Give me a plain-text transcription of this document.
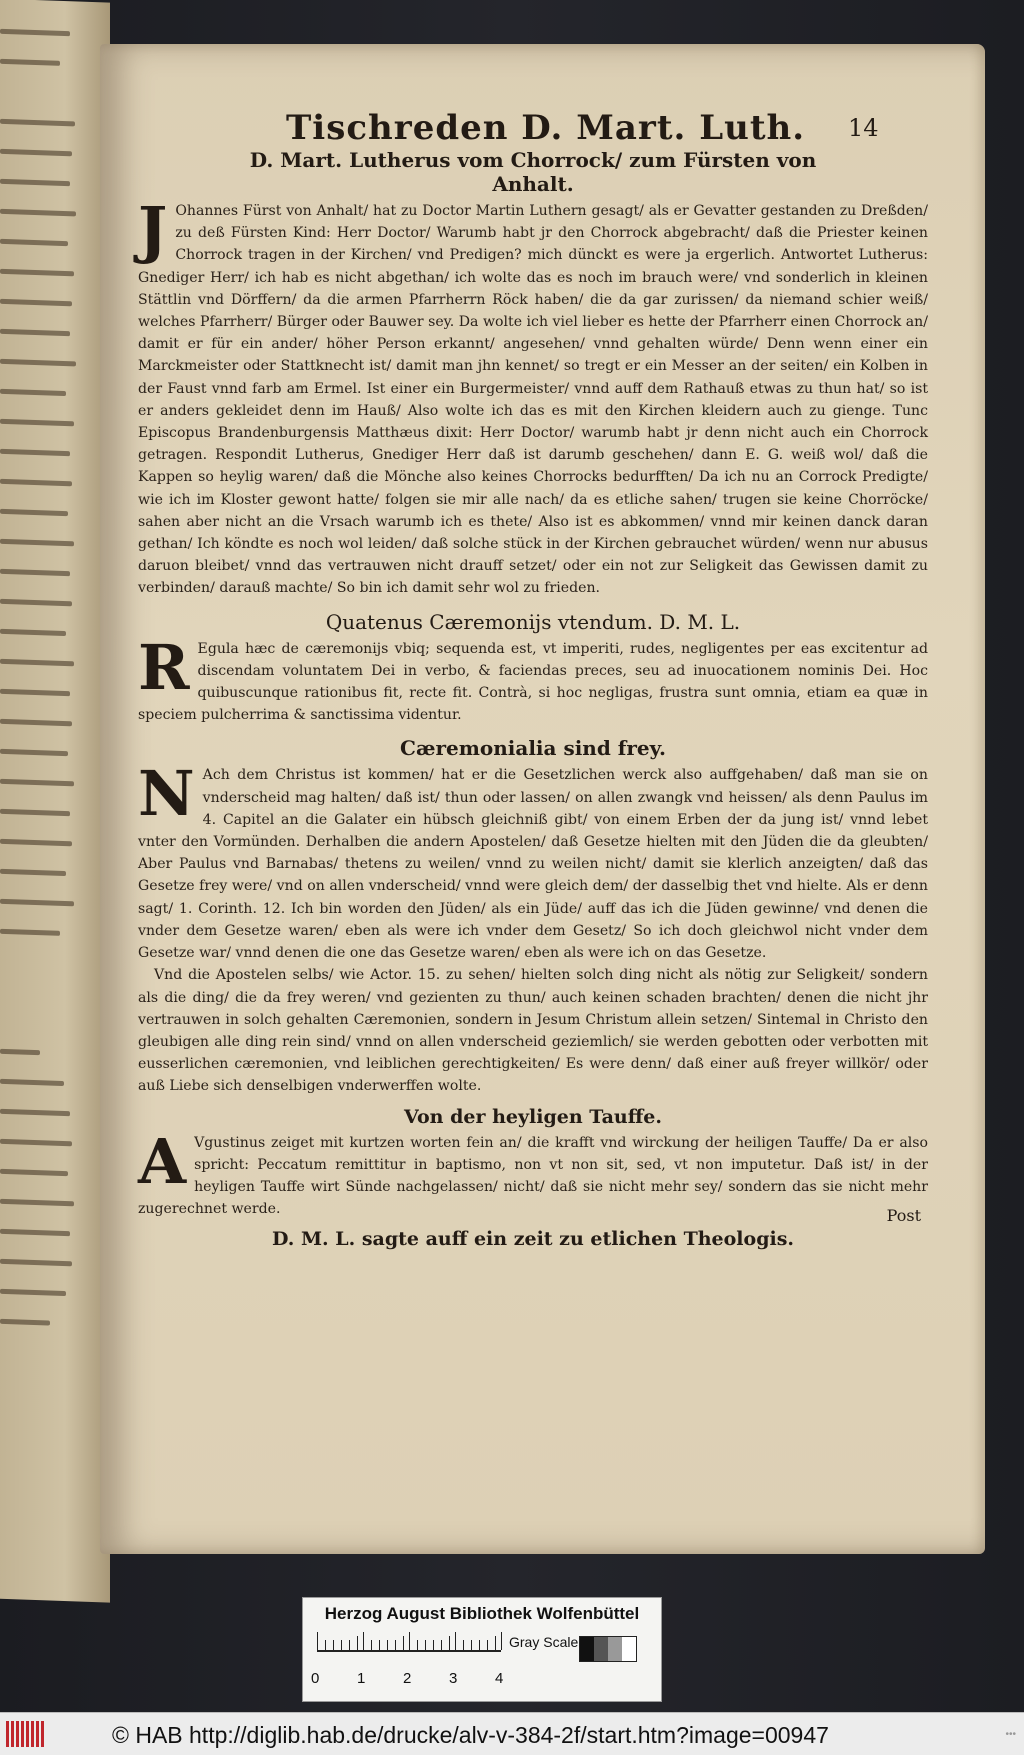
Tischreden D. Mart. Luth. 14
D. Mart. Lutherus vom Chorrock/ zum Fürsten von Anhalt.

J Ohannes Fürst von Anhalt/ hat zu Doctor Martin Luthern gesagt/ als er Gevatter gestanden zu Dreßden/ zu deß Fürsten Kind: Herr Doctor/ Warumb habt jr den Chorrock abgebracht/ daß die Priester keinen Chorrock tragen in der Kirchen/ vnd Predigen? mich dünckt es were ja ergerlich. Antwortet Lutherus: Gnediger Herr/ ich hab es nicht abgethan/ ich wolte das es noch im brauch were/ vnd sonderlich in kleinen Stättlin vnd Dörffern/ da die armen Pfarrherrn Röck haben/ die da gar zurissen/ da niemand schier weiß/ welches Pfarrherr/ Bürger oder Bauwer sey. Da wolte ich viel lieber es hette der Pfarrherr einen Chorrock an/ damit er für ein ander/ höher Person erkannt/ angesehen/ vnnd gehalten würde/ Denn wenn einer ein Marckmeister oder Stattknecht ist/ damit man jhn kennet/ so tregt er ein Messer an der seiten/ ein Kolben in der Faust vnnd farb am Ermel. Ist einer ein Burgermeister/ vnnd auff dem Rathauß etwas zu thun hat/ so ist er anders gekleidet denn im Hauß/ Also wolte ich das es mit den Kirchen kleidern auch zu gienge. Tunc Episcopus Brandenburgensis Matthæus dixit: Herr Doctor/ warumb habt jr denn nicht auch ein Chorrock getragen. Respondit Lutherus, Gnediger Herr daß ist darumb geschehen/ dann E. G. weiß wol/ daß die Kappen so heylig waren/ daß die Mönche also keines Chorrocks bedurfften/ Da ich nu an Corrock Predigte/ wie ich im Kloster gewont hatte/ folgen sie mir alle nach/ da es etliche sahen/ trugen sie keine Chorröcke/ sahen aber nicht an die Vrsach warumb ich es thete/ Also ist es abkommen/ vnnd mir keinen danck daran gethan/ Ich köndte es noch wol leiden/ daß solche stück in der Kirchen gebrauchet würden/ wenn nur abusus daruon bleibet/ vnnd das vertrauwen nicht drauff setzet/ oder ein not zur Seligkeit das Gewissen damit zu verbinden/ darauß machte/ So bin ich damit sehr wol zu frieden.

Quatenus Cæremonijs vtendum. D. M. L.

R Egula hæc de cæremonijs vbiq; sequenda est, vt imperiti, rudes, negligentes per eas excitentur ad discendam voluntatem Dei in verbo, & faciendas preces, seu ad inuocationem nominis Dei. Hoc quibuscunque rationibus fit, recte fit. Contrà, si hoc negligas, frustra sunt omnia, etiam ea quæ in speciem pulcherrima & sanctissima videntur.

Cæremonialia sind frey.

N Ach dem Christus ist kommen/ hat er die Gesetzlichen werck also auffgehaben/ daß man sie on vnderscheid mag halten/ daß ist/ thun oder lassen/ on allen zwangk vnd heissen/ als denn Paulus im 4. Capitel an die Galater ein hübsch gleichniß gibt/ von einem Erben der da jung ist/ vnnd lebet vnter den Vormünden. Derhalben die andern Apostelen/ daß Gesetze hielten mit den Jüden die da gleubten/ Aber Paulus vnd Barnabas/ thetens zu weilen/ vnnd zu weilen nicht/ damit sie klerlich anzeigten/ daß das Gesetze frey were/ vnd on allen vnderscheid/ vnnd were gleich dem/ der dasselbig thet vnd hielte. Als er denn sagt/ 1. Corinth. 12. Ich bin worden den Jüden/ als ein Jüde/ auff das ich die Jüden gewinne/ vnd denen die vnder dem Gesetze waren/ eben als were ich vnder dem Gesetz/ So ich doch gleichwol nicht vnder dem Gesetze war/ vnnd denen die one das Gesetze waren/ eben als were ich on das Gesetze.

Vnd die Apostelen selbs/ wie Actor. 15. zu sehen/ hielten solch ding nicht als nötig zur Seligkeit/ sondern als die ding/ die da frey weren/ vnd gezienten zu thun/ auch keinen schaden brachten/ denen die nicht jhr vertrauwen in solch gehalten Cæremonien, sondern in Jesum Christum allein setzen/ Sintemal in Christo den gleubigen alle ding rein sind/ vnnd on allen vnderscheid geziemlich/ sie werden gebotten oder verbotten mit eusserlichen cæremonien, vnd leiblichen gerechtigkeiten/ Es were denn/ daß einer auß freyer willkör/ oder auß Liebe sich denselbigen vnderwerffen wolte.

Von der heyligen Tauffe.

A Vgustinus zeiget mit kurtzen worten fein an/ die krafft vnd wirckung der heiligen Tauffe/ Da er also spricht: Peccatum remittitur in baptismo, non vt non sit, sed, vt non imputetur. Daß ist/ in der heyligen Tauffe wirt Sünde nachgelassen/ nicht/ daß sie nicht mehr sey/ sondern das sie nicht mehr zugerechnet werde.

D. M. L. sagte auff ein zeit zu etlichen Theologis.
Post
Herzog August Bibliothek Wolfenbüttel
0	1	2	3	4
Gray Scale
© HAB http://diglib.hab.de/drucke/alv-v-384-2f/start.htm?image=00947	•••
